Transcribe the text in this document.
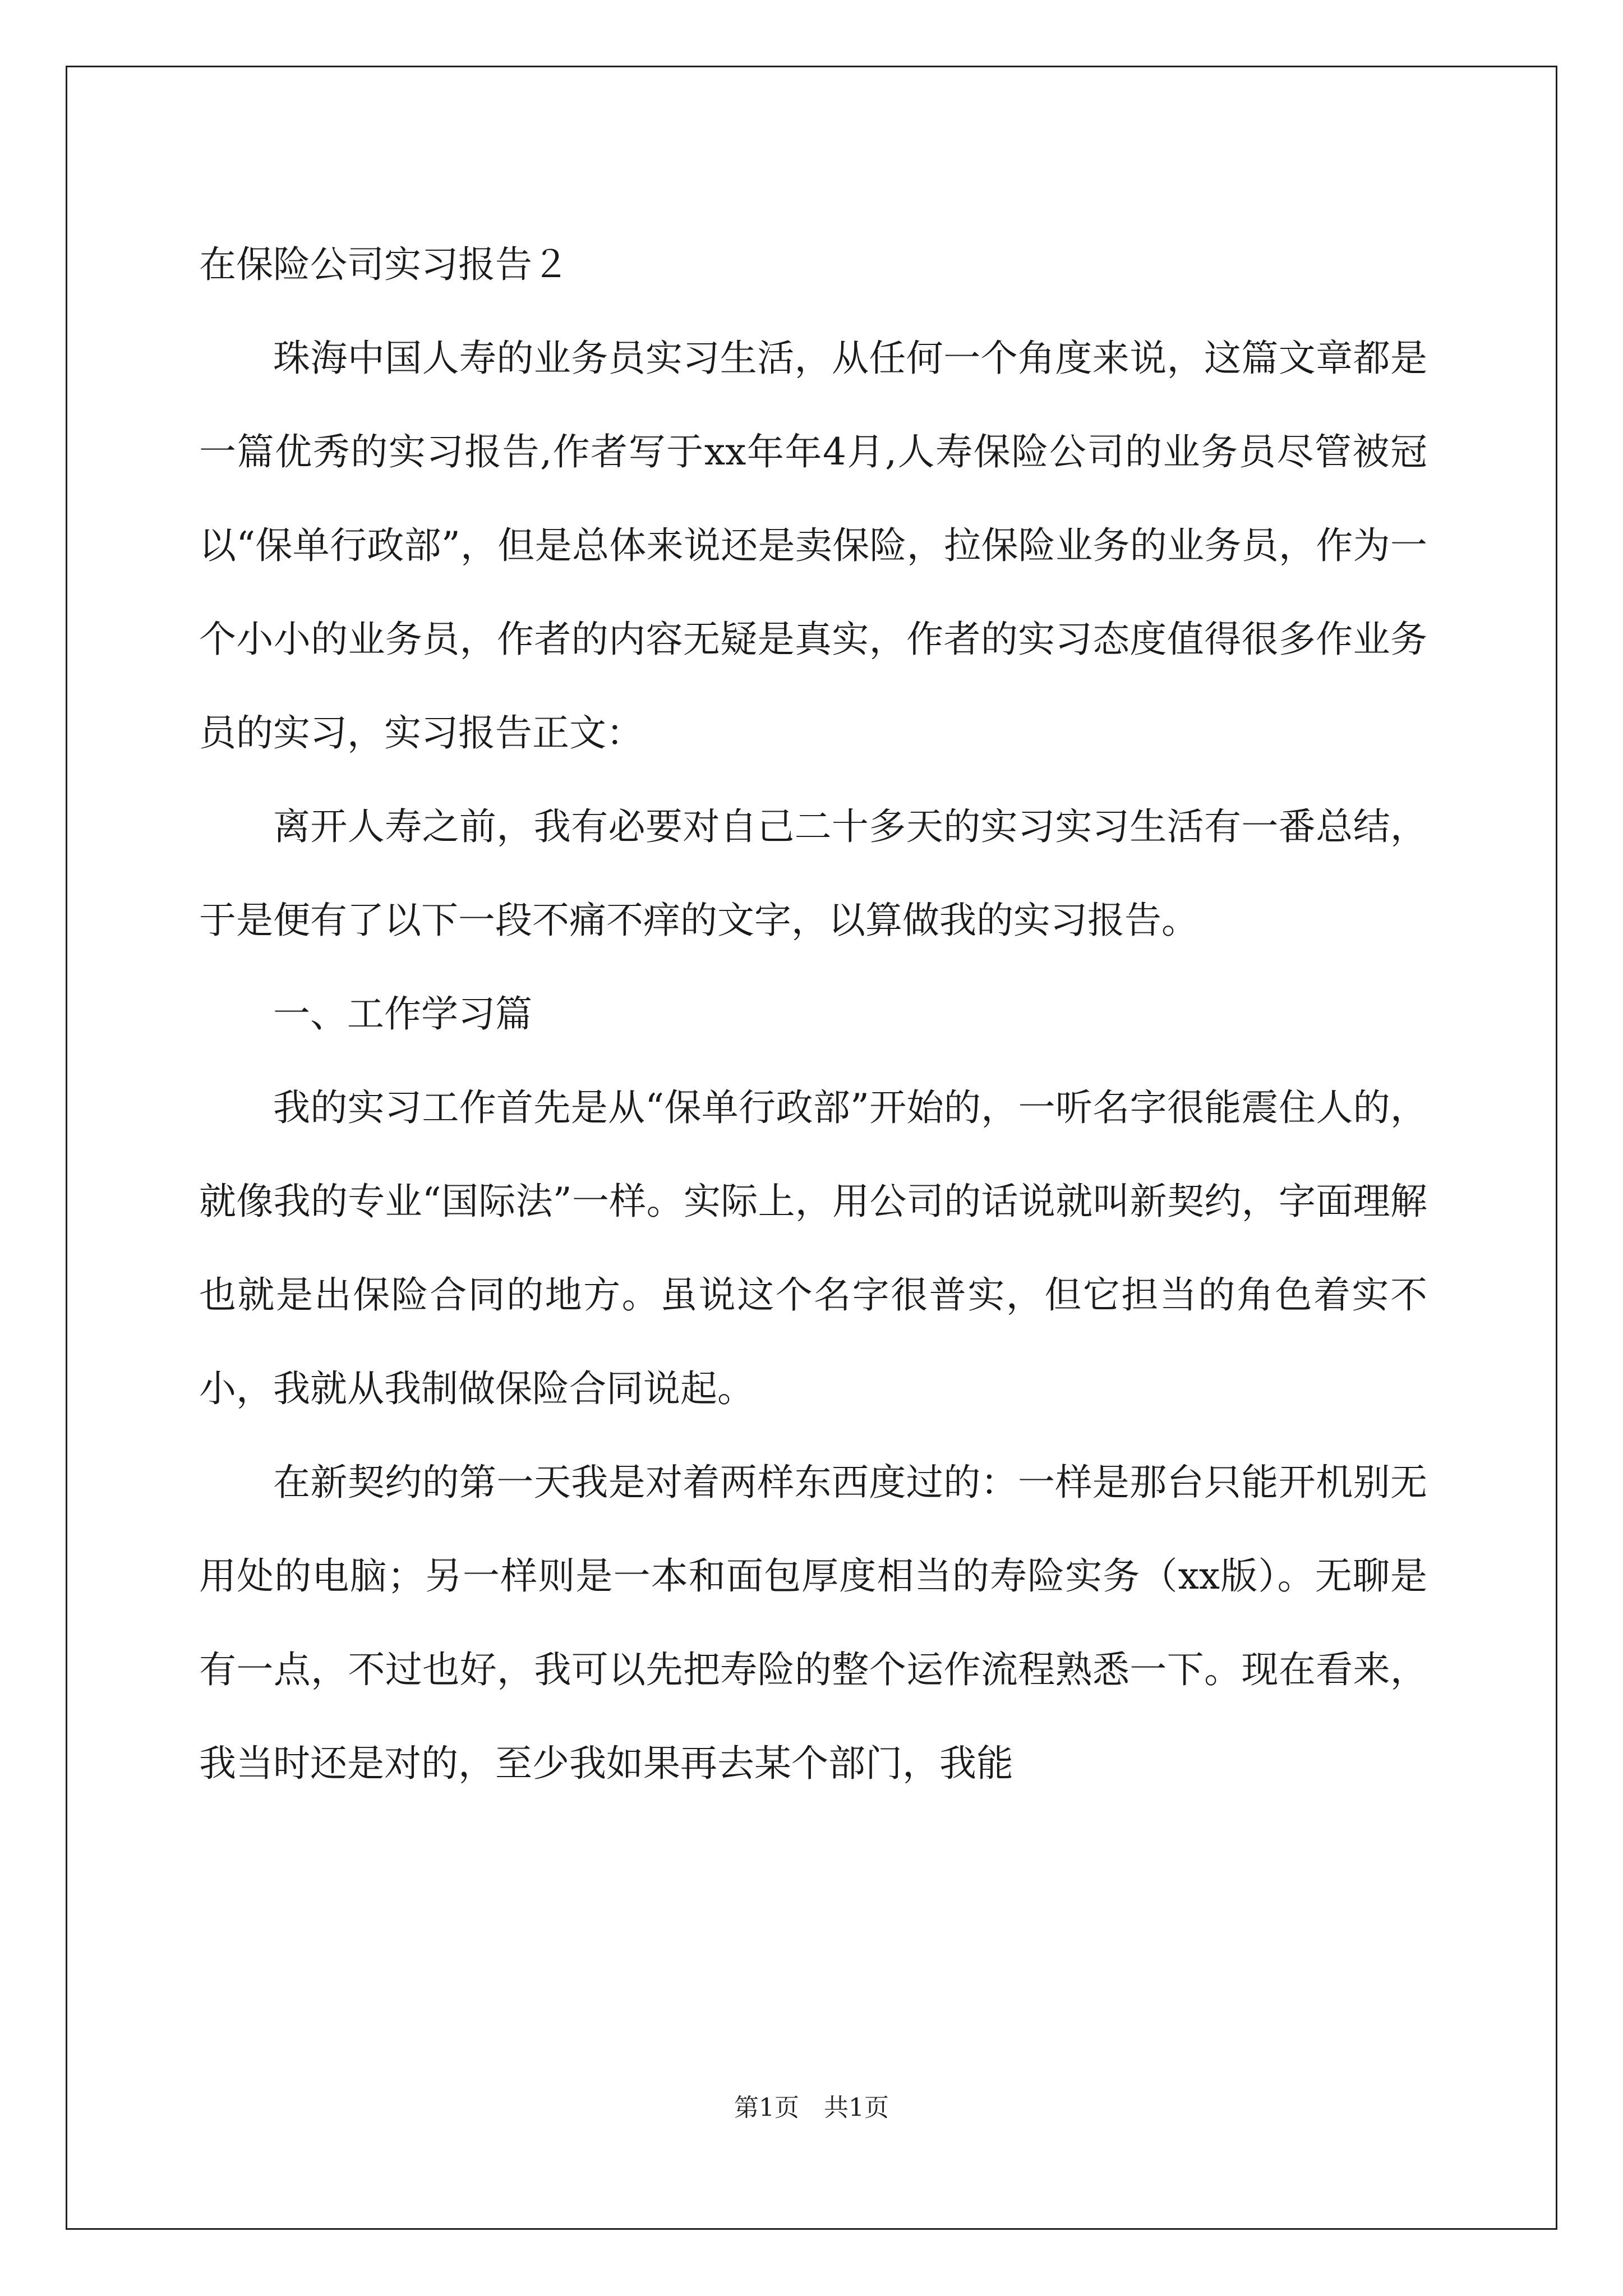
在保险公司实习报告２

珠海中国人寿的业务员实习生活，从任何一个角度来说，这篇文章都是一篇优秀的实习报告,作者写于xx年年4月,人寿保险公司的业务员尽管被冠以“保单行政部”，但是总体来说还是卖保险，拉保险业务的业务员，作为一个小小的业务员，作者的内容无疑是真实，作者的实习态度值得很多作业务员的实习，实习报告正文：

离开人寿之前，我有必要对自己二十多天的实习实习生活有一番总结，于是便有了以下一段不痛不痒的文字，以算做我的实习报告。

一、工作学习篇

我的实习工作首先是从“保单行政部”开始的，一听名字很能震住人的，就像我的专业“国际法”一样。实际上，用公司的话说就叫新契约，字面理解也就是出保险合同的地方。虽说这个名字很普实，但它担当的角色着实不小，我就从我制做保险合同说起。

在新契约的第一天我是对着两样东西度过的：一样是那台只能开机别无用处的电脑；另一样则是一本和面包厚度相当的寿险实务（xx版）。无聊是有一点，不过也好，我可以先把寿险的整个运作流程熟悉一下。现在看来，我当时还是对的，至少我如果再去某个部门，我能

第1页　共1页
